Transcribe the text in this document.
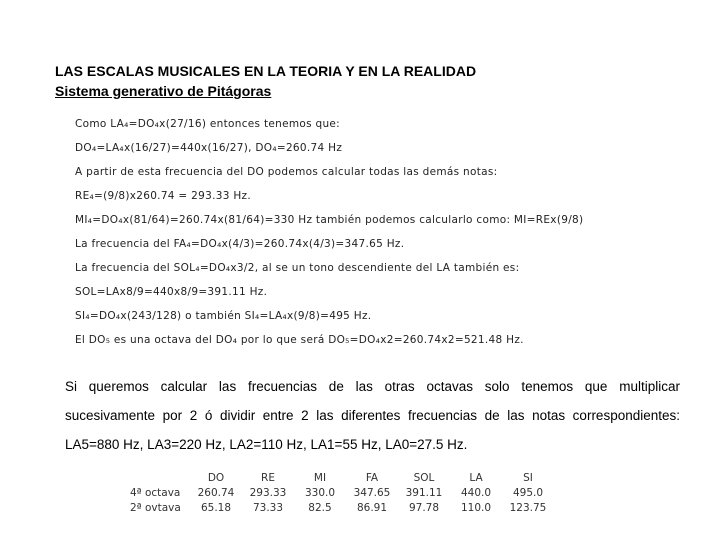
LAS ESCALAS MUSICALES EN LA TEORIA Y EN LA REALIDAD
Sistema generativo de Pitágoras
Como LA₄=DO₄x(27/16) entonces tenemos que:
DO₄=LA₄x(16/27)=440x(16/27), DO₄=260.74 Hz
A partir de esta frecuencia del DO podemos calcular todas las demás notas:
RE₄=(9/8)x260.74 = 293.33 Hz.
MI₄=DO₄x(81/64)=260.74x(81/64)=330 Hz también podemos calcularlo como: MI=REx(9/8)
La frecuencia del FA₄=DO₄x(4/3)=260.74x(4/3)=347.65 Hz.
La frecuencia del SOL₄=DO₄x3/2, al se un tono descendiente del LA también es:
SOL=LAx8/9=440x8/9=391.11 Hz.
SI₄=DO₄x(243/128) o también SI₄=LA₄x(9/8)=495 Hz.
El DO₅ es una octava del DO₄ por lo que será DO₅=DO₄x2=260.74x2=521.48 Hz.
Si queremos calcular las frecuencias de las otras octavas solo tenemos que multiplicar
sucesivamente por 2 ó dividir entre 2 las diferentes frecuencias de las notas correspondientes:
LA5=880 Hz, LA3=220 Hz, LA2=110 Hz, LA1=55 Hz, LA0=27.5 Hz.
	DO	RE	MI	FA	SOL	LA	SI
4ª octava	260.74	293.33	330.0	347.65	391.11	440.0	495.0
2ª ovtava	65.18	73.33	82.5	86.91	97.78	110.0	123.75
